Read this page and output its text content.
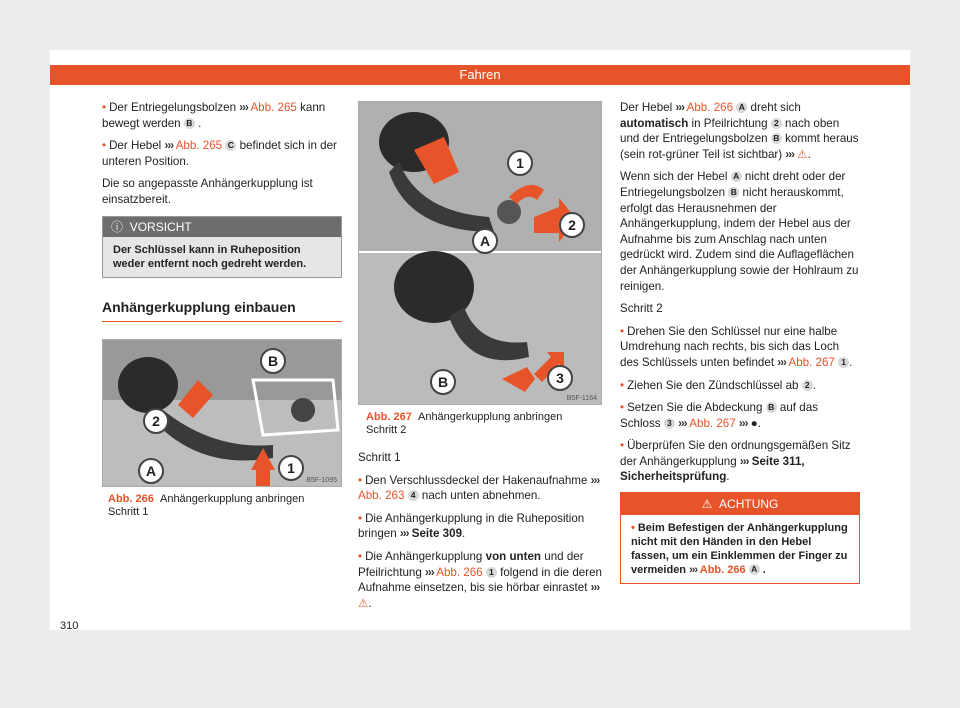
Fahren

• Der Entriegelungsbolzen ››› Abb. 265 kann bewegt werden B .

• Der Hebel ››› Abb. 265 C befindet sich in der unteren Position.

Die so angepasste Anhängerkupplung ist einsatzbereit.

ⓘ VORSICHT
Der Schlüssel kann in Ruheposition weder entfernt noch gedreht werden.
Anhängerkupplung einbauen
B
2
A	1
B5F-1095
Abb. 266 Anhängerkupplung anbringen Schritt 1
1
2
A
B	3
B5F-1164
Abb. 267 Anhängerkupplung anbringen Schritt 2

Schritt 1

• Den Verschlussdeckel der Hakenaufnahme ››› Abb. 263 4 nach unten abnehmen.

• Die Anhängerkupplung in die Ruheposition bringen ››› Seite 309.

• Die Anhängerkupplung von unten und der Pfeilrichtung ››› Abb. 266 1 folgend in die deren Aufnahme einsetzen, bis sie hörbar einrastet ››› ⚠.

Der Hebel ››› Abb. 266 A dreht sich automatisch in Pfeilrichtung 2 nach oben und der Entriegelungsbolzen B kommt heraus (sein rot-grüner Teil ist sichtbar) ››› ⚠.

Wenn sich der Hebel A nicht dreht oder der Entriegelungsbolzen B nicht herauskommt, erfolgt das Herausnehmen der Anhängerkupplung, indem der Hebel aus der Aufnahme bis zum Anschlag nach unten gedrückt wird. Zudem sind die Auflageflächen der Anhängerkupplung sowie der Hohlraum zu reinigen.

Schritt 2

• Drehen Sie den Schlüssel nur eine halbe Umdrehung nach rechts, bis sich das Loch des Schlüssels unten befindet ››› Abb. 267 1 .

• Ziehen Sie den Zündschlüssel ab 2 .

• Setzen Sie die Abdeckung B auf das Schloss 3 ››› Abb. 267 ››› ●.

• Überprüfen Sie den ordnungsgemäßen Sitz der Anhängerkupplung ››› Seite 311, Sicherheitsprüfung.

⚠ ACHTUNG
• Beim Befestigen der Anhängerkupplung nicht mit den Händen in den Hebel fassen, um ein Einklemmen der Finger zu vermeiden ››› Abb. 266 A .
310
